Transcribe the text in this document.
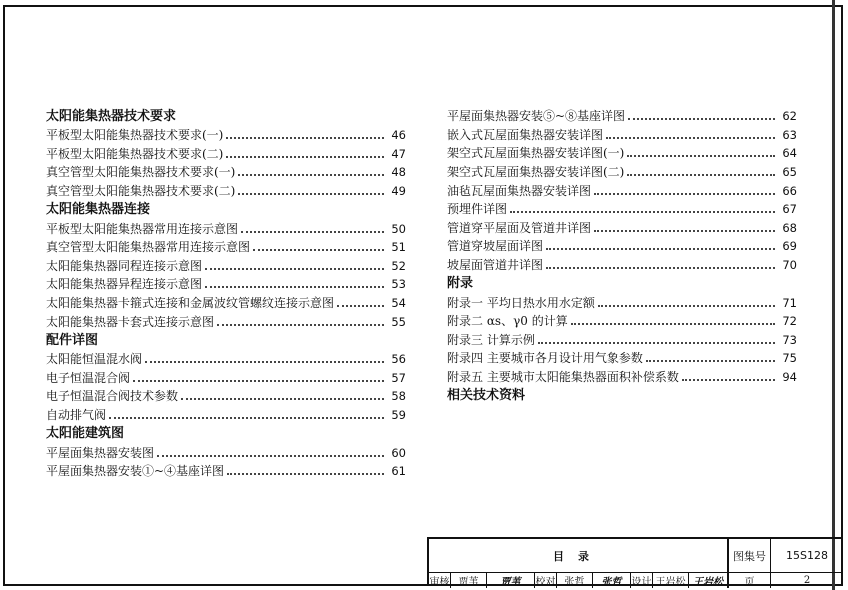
太阳能集热器技术要求
平板型太阳能集热器技术要求(一)	46
平板型太阳能集热器技术要求(二)	47
真空管型太阳能集热器技术要求(一)	48
真空管型太阳能集热器技术要求(二)	49
太阳能集热器连接
平板型太阳能集热器常用连接示意图	50
真空管型太阳能集热器常用连接示意图	51
太阳能集热器同程连接示意图	52
太阳能集热器异程连接示意图	53
太阳能集热器卡箍式连接和金属波纹管螺纹连接示意图	54
太阳能集热器卡套式连接示意图	55
配件详图
太阳能恒温混水阀	56
电子恒温混合阀	57
电子恒温混合阀技术参数	58
自动排气阀	59
太阳能建筑图
平屋面集热器安装图	60
平屋面集热器安装①~④基座详图	61
平屋面集热器安装⑤~⑧基座详图	62
嵌入式瓦屋面集热器安装详图	63
架空式瓦屋面集热器安装详图(一)	64
架空式瓦屋面集热器安装详图(二)	65
油毡瓦屋面集热器安装详图	66
预埋件详图	67
管道穿平屋面及管道井详图	68
管道穿坡屋面详图	69
坡屋面管道井详图	70
附录
附录一 平均日热水用水定额	71
附录二 αs、γ0 的计算	72
附录三 计算示例	73
附录四 主要城市各月设计用气象参数	75
附录五 主要城市太阳能集热器面积补偿系数	94
相关技术资料
目录	图集号	15S128
审核 贾苇	贾苇	校对 张哲	张哲	设计 王岩松 王岩松	页	2
